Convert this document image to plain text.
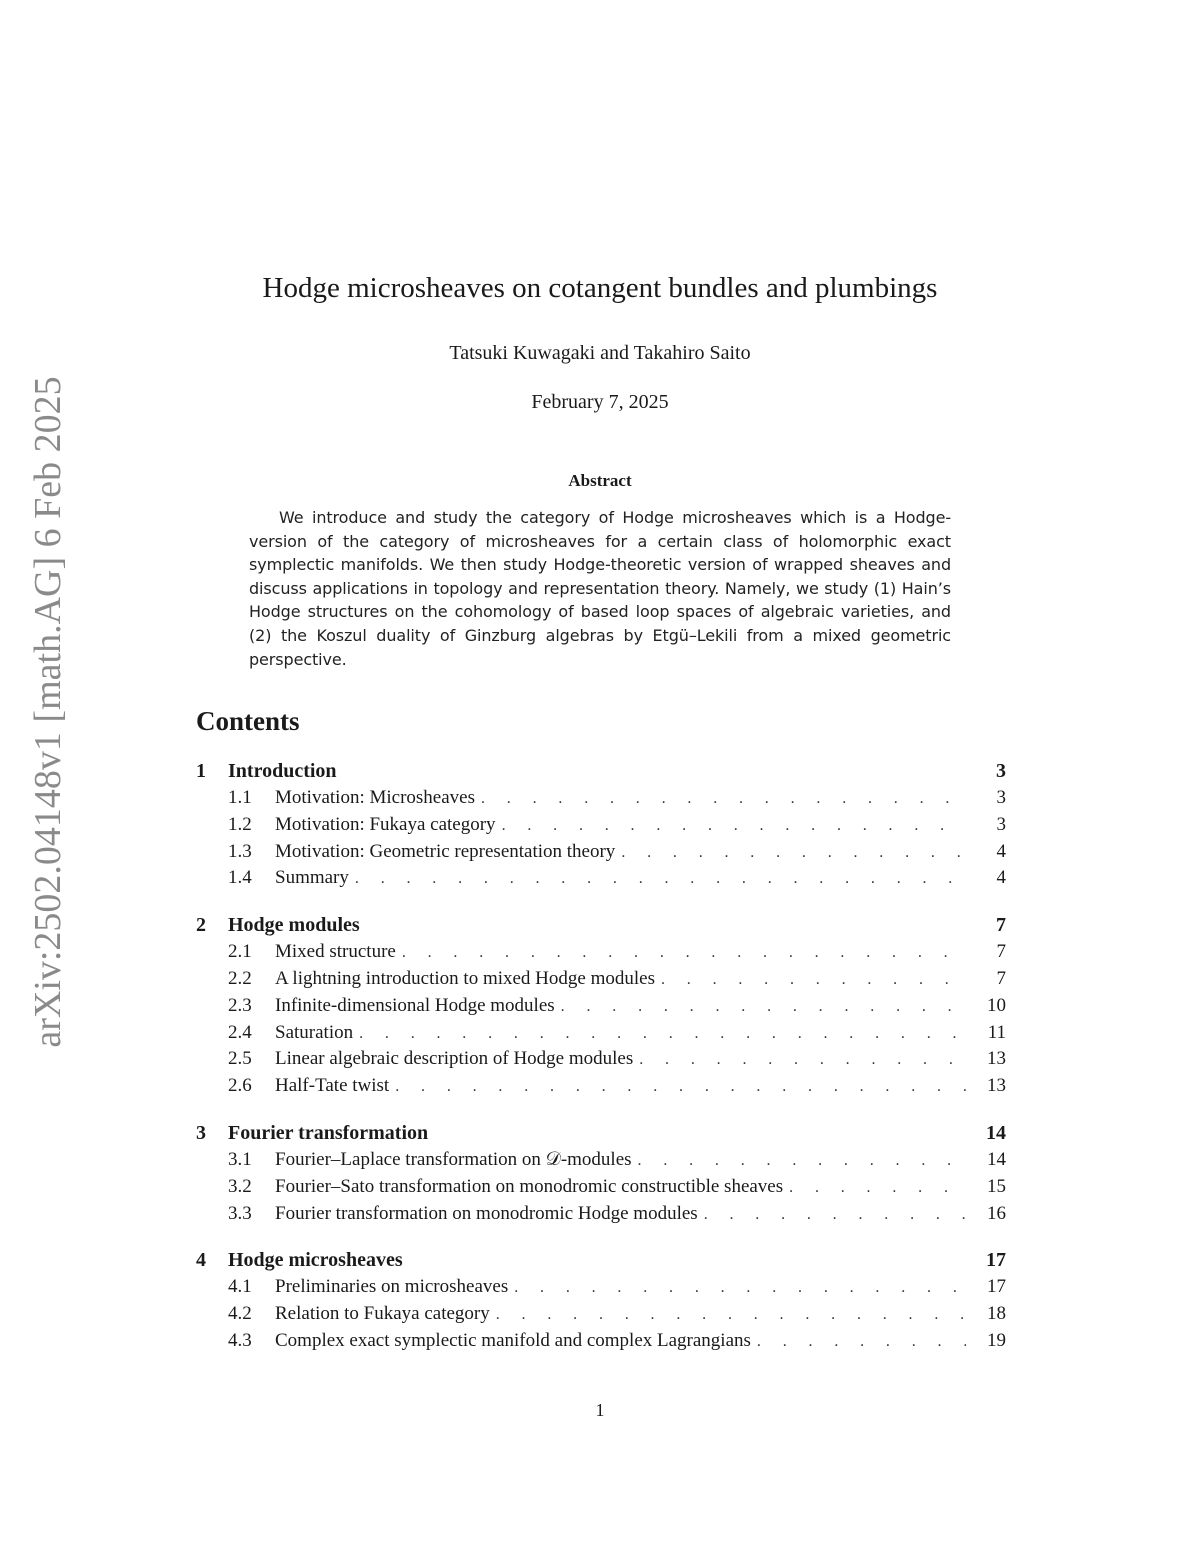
arXiv:2502.04148v1 [math.AG] 6 Feb 2025
Hodge microsheaves on cotangent bundles and plumbings
Tatsuki Kuwagaki and Takahiro Saito
February 7, 2025
Abstract
We introduce and study the category of Hodge microsheaves which is a Hodge-version of the category of microsheaves for a certain class of holomorphic exact symplectic manifolds. We then study Hodge-theoretic version of wrapped sheaves and discuss applications in topology and representation theory. Namely, we study (1) Hain’s Hodge structures on the cohomology of based loop spaces of algebraic varieties, and (2) the Koszul duality of Ginzburg algebras by Etgü–Lekili from a mixed geometric perspective.
Contents
1	Introduction	3
1.1	Motivation: Microsheaves . . .	3
1.2	Motivation: Fukaya category . . .	3
1.3	Motivation: Geometric representation theory . . .	4
1.4	Summary . . .	4
2	Hodge modules	7
2.1	Mixed structure . . .	7
2.2	A lightning introduction to mixed Hodge modules . . .	7
2.3	Infinite-dimensional Hodge modules . . .	10
2.4	Saturation . . .	11
2.5	Linear algebraic description of Hodge modules . . .	13
2.6	Half-Tate twist . . .	13
3	Fourier transformation	14
3.1	Fourier–Laplace transformation on 𝒟-modules . . .	14
3.2	Fourier–Sato transformation on monodromic constructible sheaves . . .	15
3.3	Fourier transformation on monodromic Hodge modules . . .	16
4	Hodge microsheaves	17
4.1	Preliminaries on microsheaves . . .	17
4.2	Relation to Fukaya category . . .	18
4.3	Complex exact symplectic manifold and complex Lagrangians . . .	19
1
